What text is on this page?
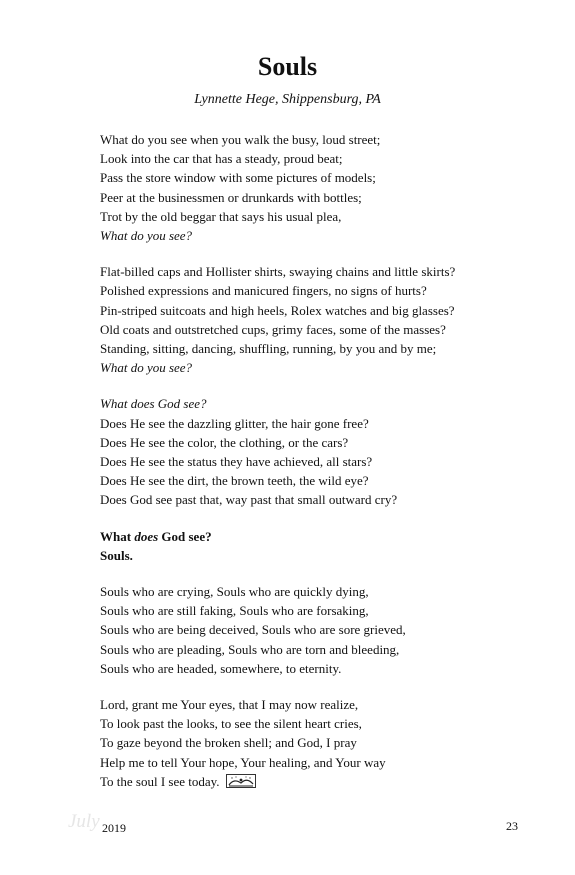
Souls
Lynnette Hege, Shippensburg, PA
What do you see when you walk the busy, loud street;
Look into the car that has a steady, proud beat;
Pass the store window with some pictures of models;
Peer at the businessmen or drunkards with bottles;
Trot by the old beggar that says his usual plea,
What do you see?
Flat-billed caps and Hollister shirts, swaying chains and little skirts?
Polished expressions and manicured fingers, no signs of hurts?
Pin-striped suitcoats and high heels, Rolex watches and big glasses?
Old coats and outstretched cups, grimy faces, some of the masses?
Standing, sitting, dancing, shuffling, running, by you and by me;
What do you see?
What does God see?
Does He see the dazzling glitter, the hair gone free?
Does He see the color, the clothing, or the cars?
Does He see the status they have achieved, all stars?
Does He see the dirt, the brown teeth, the wild eye?
Does God see past that, way past that small outward cry?
What does God see?
Souls.
Souls who are crying, Souls who are quickly dying,
Souls who are still faking, Souls who are forsaking,
Souls who are being deceived, Souls who are sore grieved,
Souls who are pleading, Souls who are torn and bleeding,
Souls who are headed, somewhere, to eternity.
Lord, grant me Your eyes, that I may now realize,
To look past the looks, to see the silent heart cries,
To gaze beyond the broken shell; and God, I pray
Help me to tell Your hope, Your healing, and Your way
To the soul I see today.
July 2019	23
